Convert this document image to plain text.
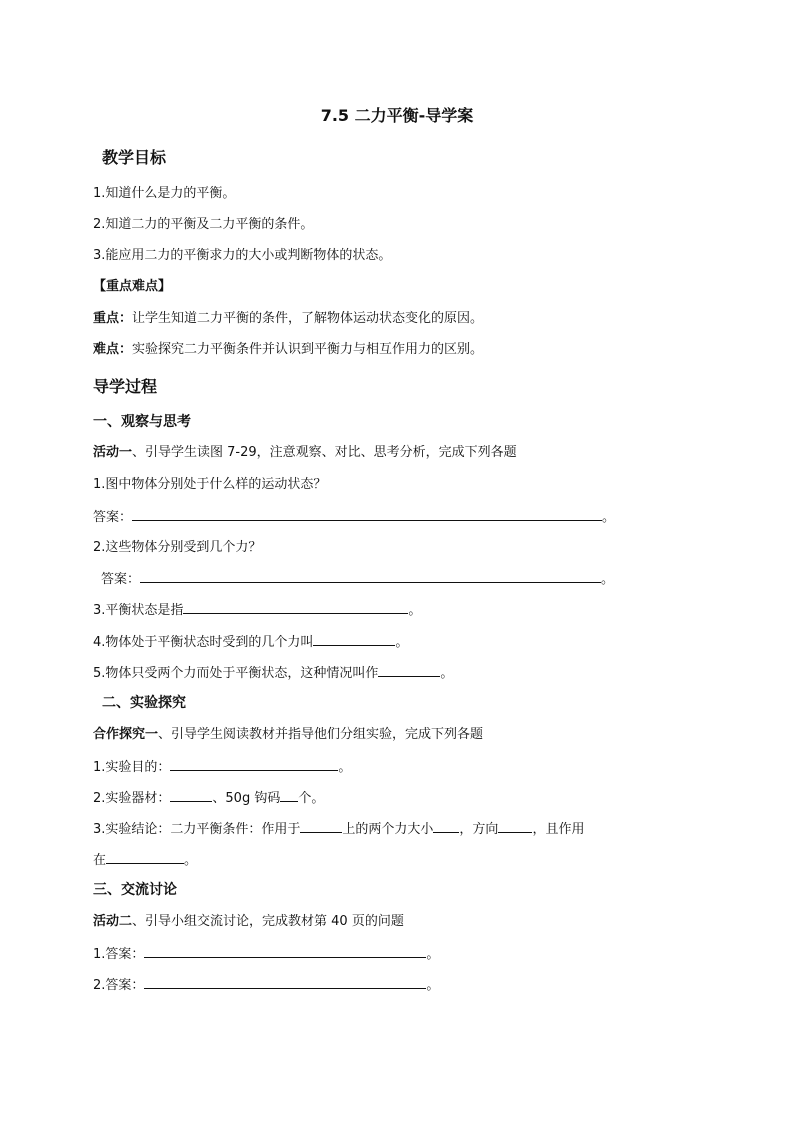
7.5 二力平衡-导学案
教学目标
1.知道什么是力的平衡。
2.知道二力的平衡及二力平衡的条件。
3.能应用二力的平衡求力的大小或判断物体的状态。
【重点难点】
重点：让学生知道二力平衡的条件，了解物体运动状态变化的原因。
难点：实验探究二力平衡条件并认识到平衡力与相互作用力的区别。
导学过程
一、观察与思考
活动一、引导学生读图 7-29，注意观察、对比、思考分析，完成下列各题
1.图中物体分别处于什么样的运动状态？
答案：	。
2.这些物体分别受到几个力？
答案：	。
3.平衡状态是指	。
4.物体处于平衡状态时受到的几个力叫	。
5.物体只受两个力而处于平衡状态，这种情况叫作	。
二、实验探究
合作探究一、引导学生阅读教材并指导他们分组实验，完成下列各题
1.实验目的：	。
2.实验器材：	、50g 钩码 个。
3.实验结论：二力平衡条件：作用于	上的两个力大小 ，方向	，且作用
在	。
三、交流讨论
活动二、引导小组交流讨论，完成教材第 40 页的问题
1.答案：	。
2.答案：	。
